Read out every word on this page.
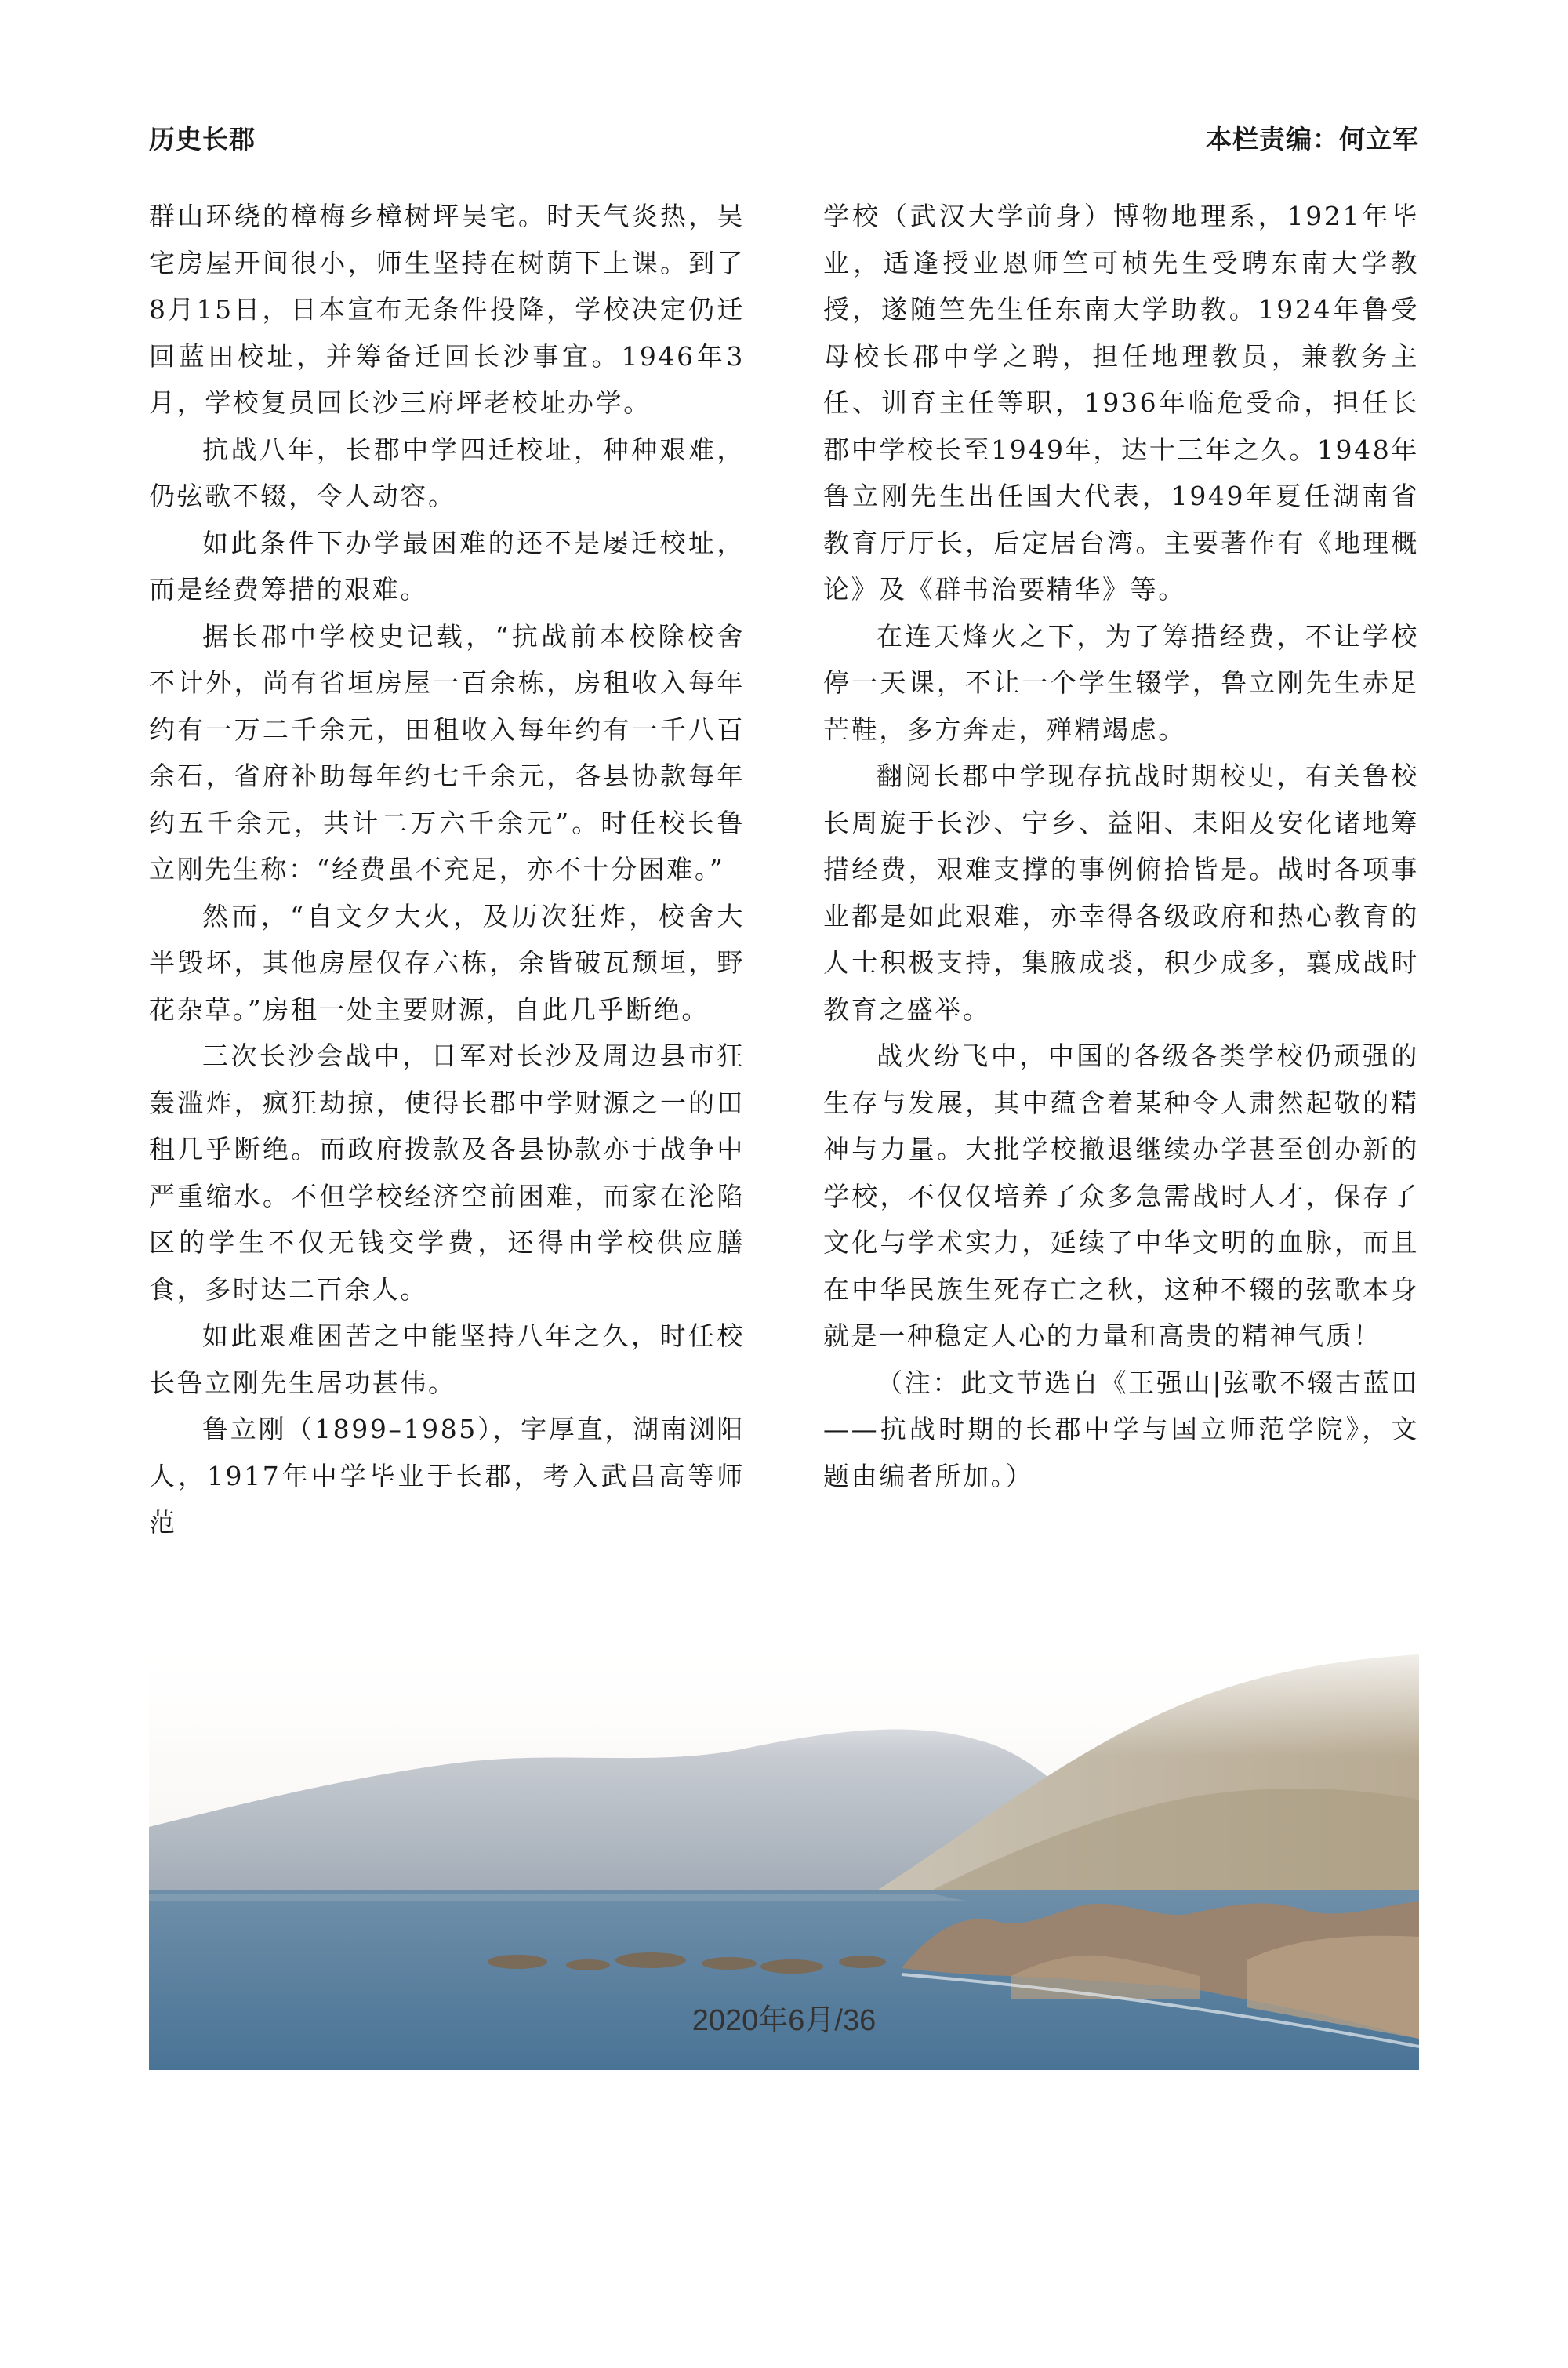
历史长郡	本栏责编：何立军

群山环绕的樟梅乡樟树坪吴宅。时天气炎热，吴宅房屋开间很小，师生坚持在树荫下上课。到了8月15日，日本宣布无条件投降，学校决定仍迁回蓝田校址，并筹备迁回长沙事宜。1946年3月，学校复员回长沙三府坪老校址办学。

抗战八年，长郡中学四迁校址，种种艰难，仍弦歌不辍，令人动容。

如此条件下办学最困难的还不是屡迁校址，而是经费筹措的艰难。

据长郡中学校史记载，“抗战前本校除校舍不计外，尚有省垣房屋一百余栋，房租收入每年约有一万二千余元，田租收入每年约有一千八百余石，省府补助每年约七千余元，各县协款每年约五千余元，共计二万六千余元”。时任校长鲁立刚先生称：“经费虽不充足，亦不十分困难。”

然而，“自文夕大火，及历次狂炸，校舍大半毁坏，其他房屋仅存六栋，余皆破瓦颓垣，野花杂草。”房租一处主要财源，自此几乎断绝。

三次长沙会战中，日军对长沙及周边县市狂轰滥炸，疯狂劫掠，使得长郡中学财源之一的田租几乎断绝。而政府拨款及各县协款亦于战争中严重缩水。不但学校经济空前困难，而家在沦陷区的学生不仅无钱交学费，还得由学校供应膳食，多时达二百余人。

如此艰难困苦之中能坚持八年之久，时任校长鲁立刚先生居功甚伟。

鲁立刚（1899–1985），字厚直，湖南浏阳人，1917年中学毕业于长郡，考入武昌高等师范

学校（武汉大学前身）博物地理系，1921年毕业，适逢授业恩师竺可桢先生受聘东南大学教授，遂随竺先生任东南大学助教。1924年鲁受母校长郡中学之聘，担任地理教员，兼教务主任、训育主任等职，1936年临危受命，担任长郡中学校长至1949年，达十三年之久。1948年鲁立刚先生出任国大代表，1949年夏任湖南省教育厅厅长，后定居台湾。主要著作有《地理概论》及《群书治要精华》等。

在连天烽火之下，为了筹措经费，不让学校停一天课，不让一个学生辍学，鲁立刚先生赤足芒鞋，多方奔走，殚精竭虑。

翻阅长郡中学现存抗战时期校史，有关鲁校长周旋于长沙、宁乡、益阳、耒阳及安化诸地筹措经费，艰难支撑的事例俯拾皆是。战时各项事业都是如此艰难，亦幸得各级政府和热心教育的人士积极支持，集腋成裘，积少成多，襄成战时教育之盛举。

战火纷飞中，中国的各级各类学校仍顽强的生存与发展，其中蕴含着某种令人肃然起敬的精神与力量。大批学校撤退继续办学甚至创办新的学校，不仅仅培养了众多急需战时人才，保存了文化与学术实力，延续了中华文明的血脉，而且在中华民族生死存亡之秋，这种不辍的弦歌本身就是一种稳定人心的力量和高贵的精神气质！

（注：此文节选自《王强山|弦歌不辍古蓝田——抗战时期的长郡中学与国立师范学院》，文题由编者所加。）

2020年6月/36
